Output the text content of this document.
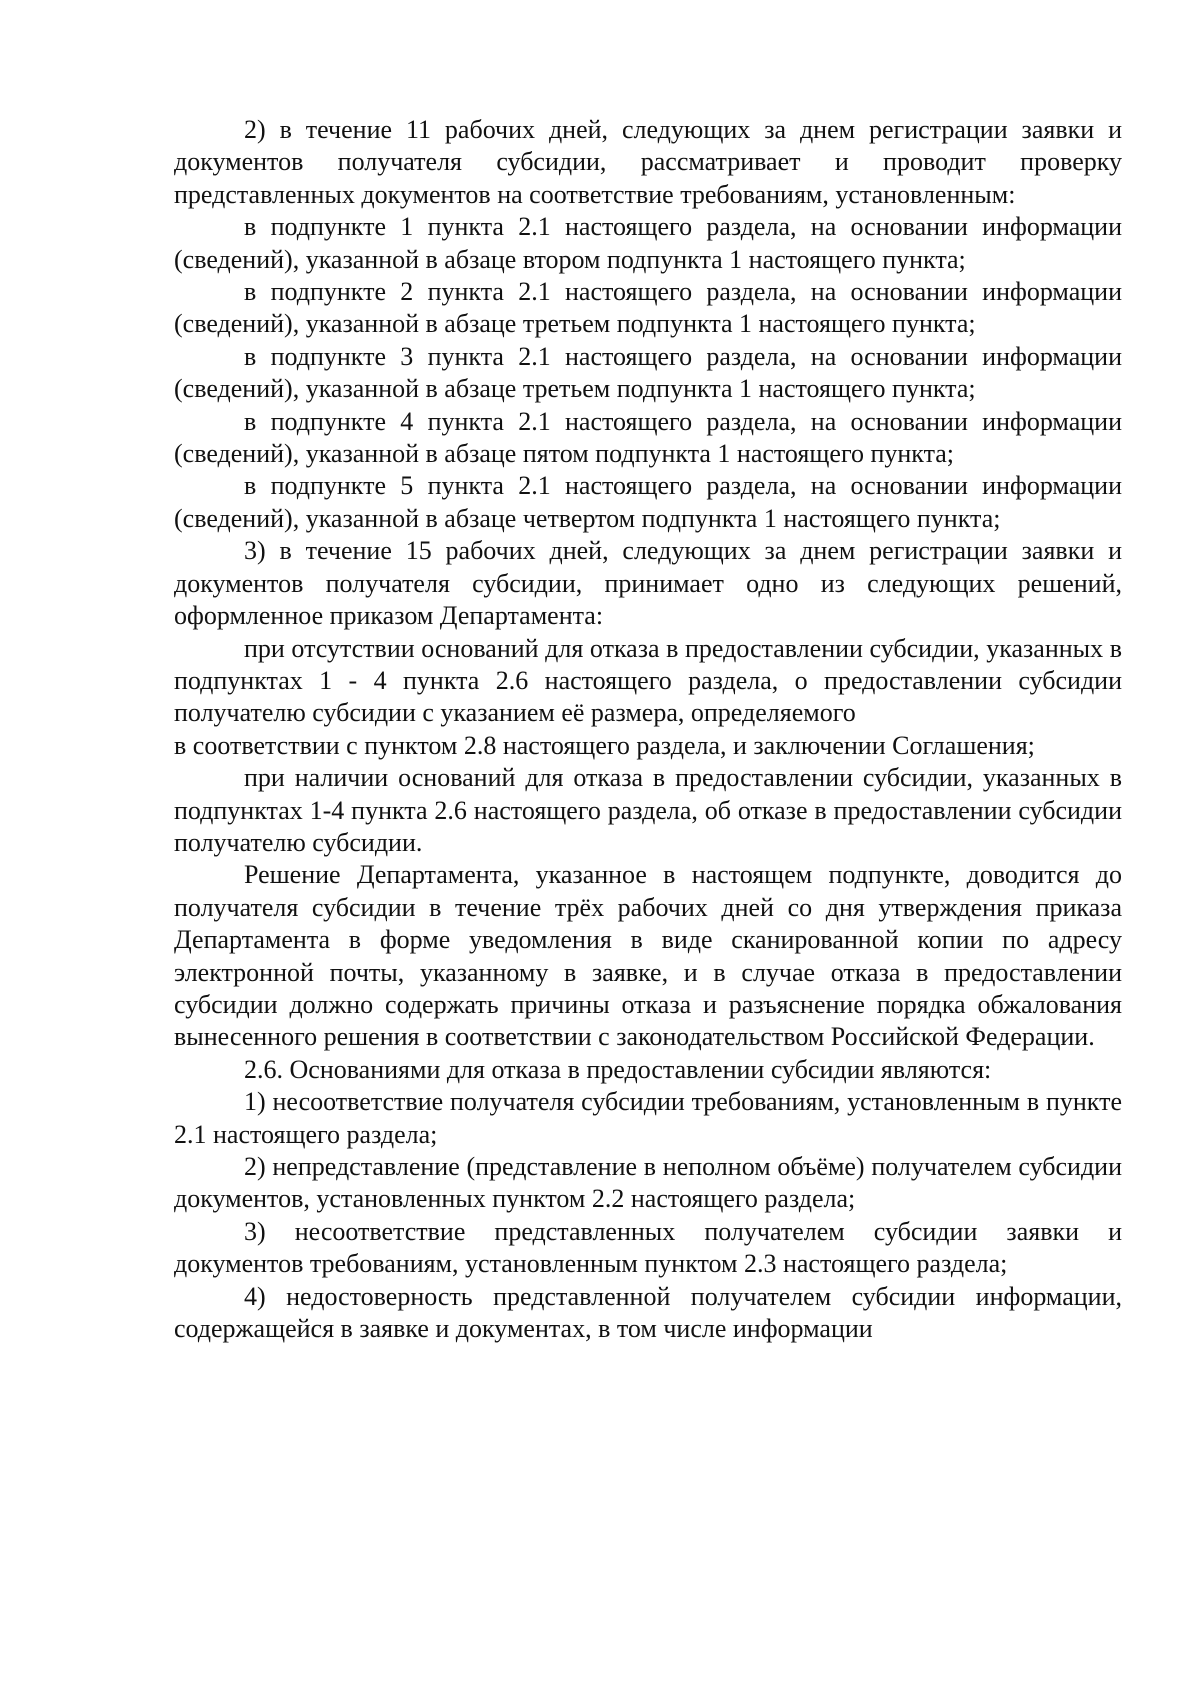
2) в течение 11 рабочих дней, следующих за днем регистрации заявки и документов получателя субсидии, рассматривает и проводит проверку представленных документов на соответствие требованиям, установленным:

в подпункте 1 пункта 2.1 настоящего раздела, на основании информации (сведений), указанной в абзаце втором подпункта 1 настоящего пункта;

в подпункте 2 пункта 2.1 настоящего раздела, на основании информации (сведений), указанной в абзаце третьем подпункта 1 настоящего пункта;

в подпункте 3 пункта 2.1 настоящего раздела, на основании информации (сведений), указанной в абзаце третьем подпункта 1 настоящего пункта;

в подпункте 4 пункта 2.1 настоящего раздела, на основании информации (сведений), указанной в абзаце пятом подпункта 1 настоящего пункта;

в подпункте 5 пункта 2.1 настоящего раздела, на основании информации (сведений), указанной в абзаце четвертом подпункта 1 настоящего пункта;

3) в течение 15 рабочих дней, следующих за днем регистрации заявки и документов получателя субсидии, принимает одно из следующих решений, оформленное приказом Департамента:

при отсутствии оснований для отказа в предоставлении субсидии, указанных в подпунктах 1 - 4 пункта 2.6 настоящего раздела, о предоставлении субсидии получателю субсидии с указанием её размера, определяемого

в соответствии с пунктом 2.8 настоящего раздела, и заключении Соглашения;

при наличии оснований для отказа в предоставлении субсидии, указанных в подпунктах 1-4 пункта 2.6 настоящего раздела, об отказе в предоставлении субсидии получателю субсидии.

Решение Департамента, указанное в настоящем подпункте, доводится до получателя субсидии в течение трёх рабочих дней со дня утверждения приказа Департамента в форме уведомления в виде сканированной копии по адресу электронной почты, указанному в заявке, и в случае отказа в предоставлении субсидии должно содержать причины отказа и разъяснение порядка обжалования вынесенного решения в соответствии с законодательством Российской Федерации.

2.6. Основаниями для отказа в предоставлении субсидии являются:

1) несоответствие получателя субсидии требованиям, установленным в пункте 2.1 настоящего раздела;

2) непредставление (представление в неполном объёме) получателем субсидии документов, установленных пунктом 2.2 настоящего раздела;

3) несоответствие представленных получателем субсидии заявки и документов требованиям, установленным пунктом 2.3 настоящего раздела;

4) недостоверность представленной получателем субсидии информации, содержащейся в заявке и документах, в том числе информации
